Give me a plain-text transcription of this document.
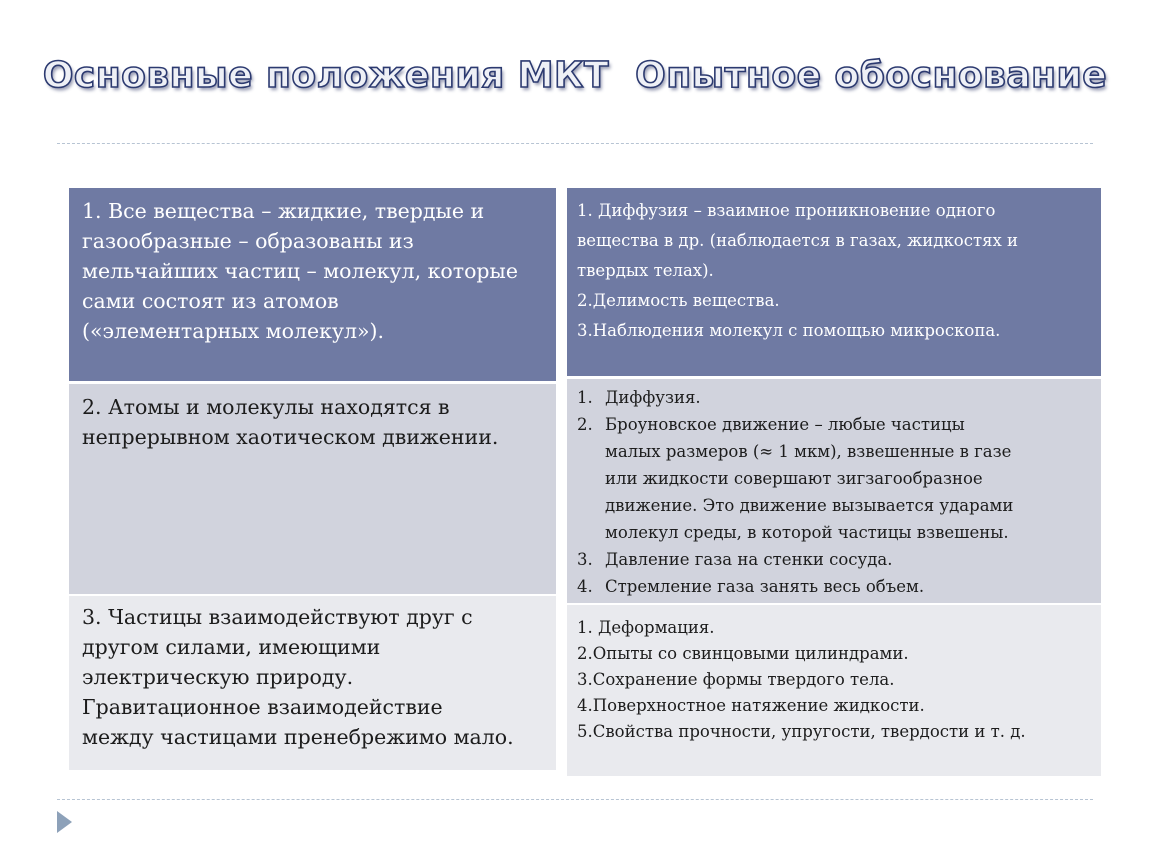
Основные положения МКТ  Опытное обоснование
1. Все вещества – жидкие, твердые и
газообразные – образованы из
мельчайших частиц – молекул, которые
сами состоят из атомов
(«элементарных молекул»).
2. Атомы и молекулы находятся в
непрерывном хаотическом движении.
3. Частицы взаимодействуют друг с
другом силами, имеющими
электрическую природу.
Гравитационное взаимодействие
между частицами пренебрежимо мало.
1. Диффузия – взаимное проникновение одного
вещества в др. (наблюдается в газах, жидкостях и
твердых телах).
2.Делимость вещества.
3.Наблюдения молекул с помощью микроскопа.
1. Диффузия.
2. Броуновское движение – любые частицы
малых размеров (≈ 1 мкм), взвешенные в газе
или жидкости совершают зигзагообразное
движение. Это движение вызывается ударами
молекул среды, в которой частицы взвешены.
3. Давление газа на стенки сосуда.
4. Стремление газа занять весь объем.
1. Деформация.
2.Опыты со свинцовыми цилиндрами.
3.Сохранение формы твердого тела.
4.Поверхностное натяжение жидкости.
5.Свойства прочности, упругости, твердости и т. д.
